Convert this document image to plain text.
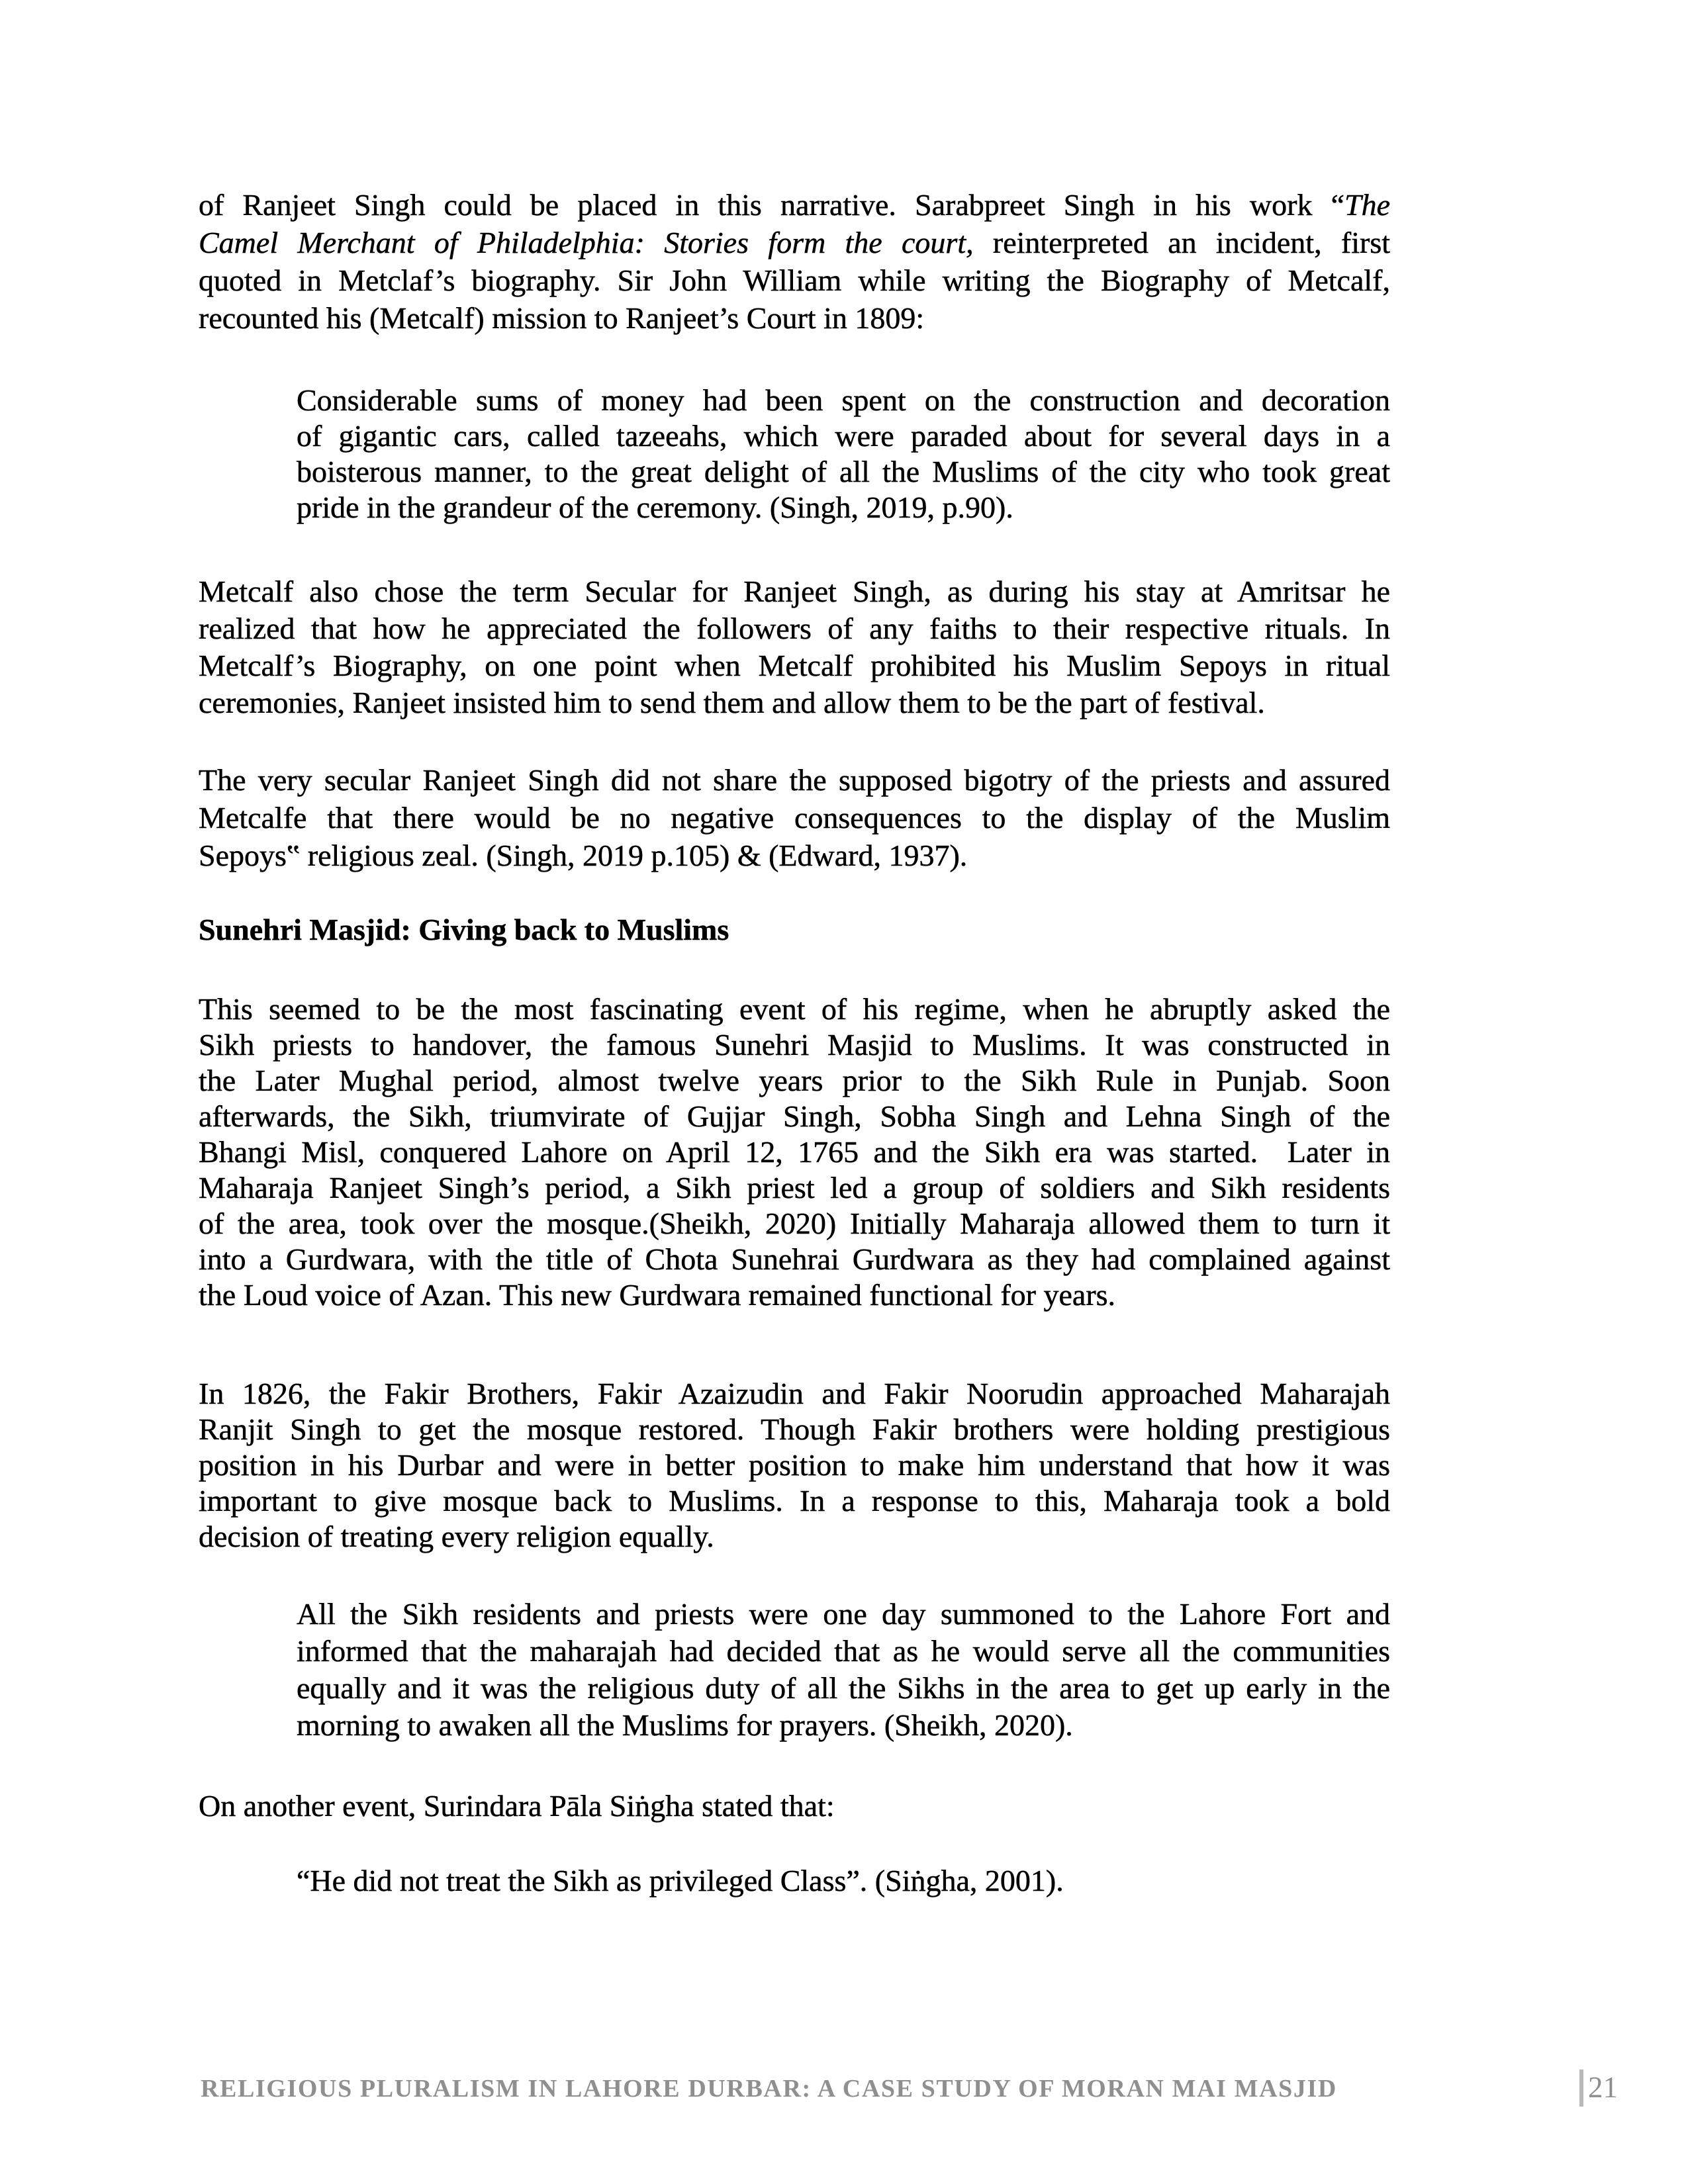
of Ranjeet Singh could be placed in this narrative. Sarabpreet Singh in his work “The
Camel Merchant of Philadelphia: Stories form the court, reinterpreted an incident, first
quoted in Metclaf’s biography. Sir John William while writing the Biography of Metcalf,
recounted his (Metcalf) mission to Ranjeet’s Court in 1809:
Considerable sums of money had been spent on the construction and decoration
of gigantic cars, called tazeeahs, which were paraded about for several days in a
boisterous manner, to the great delight of all the Muslims of the city who took great
pride in the grandeur of the ceremony. (Singh, 2019, p.90).
Metcalf also chose the term Secular for Ranjeet Singh, as during his stay at Amritsar he
realized that how he appreciated the followers of any faiths to their respective rituals. In
Metcalf’s Biography, on one point when Metcalf prohibited his Muslim Sepoys in ritual
ceremonies, Ranjeet insisted him to send them and allow them to be the part of festival.
The very secular Ranjeet Singh did not share the supposed bigotry of the priests and assured
Metcalfe that there would be no negative consequences to the display of the Muslim
Sepoys‟ religious zeal. (Singh, 2019 p.105) & (Edward, 1937).
Sunehri Masjid: Giving back to Muslims
This seemed to be the most fascinating event of his regime, when he abruptly asked the
Sikh priests to handover, the famous Sunehri Masjid to Muslims. It was constructed in
the Later Mughal period, almost twelve years prior to the Sikh Rule in Punjab. Soon
afterwards, the Sikh, triumvirate of Gujjar Singh, Sobha Singh and Lehna Singh of the
Bhangi Misl, conquered Lahore on April 12, 1765 and the Sikh era was started.  Later in
Maharaja Ranjeet Singh’s period, a Sikh priest led a group of soldiers and Sikh residents
of the area, took over the mosque.(Sheikh, 2020) Initially Maharaja allowed them to turn it
into a Gurdwara, with the title of Chota Sunehrai Gurdwara as they had complained against
the Loud voice of Azan. This new Gurdwara remained functional for years.
In 1826, the Fakir Brothers, Fakir Azaizudin and Fakir Noorudin approached Maharajah
Ranjit Singh to get the mosque restored. Though Fakir brothers were holding prestigious
position in his Durbar and were in better position to make him understand that how it was
important to give mosque back to Muslims. In a response to this, Maharaja took a bold
decision of treating every religion equally.
All the Sikh residents and priests were one day summoned to the Lahore Fort and
informed that the maharajah had decided that as he would serve all the communities
equally and it was the religious duty of all the Sikhs in the area to get up early in the
morning to awaken all the Muslims for prayers. (Sheikh, 2020).
On another event, Surindara Pāla Siṅgha stated that:
“He did not treat the Sikh as privileged Class”. (Siṅgha, 2001).
RELIGIOUS PLURALISM IN LAHORE DURBAR: A CASE STUDY OF MORAN MAI MASJID	21
